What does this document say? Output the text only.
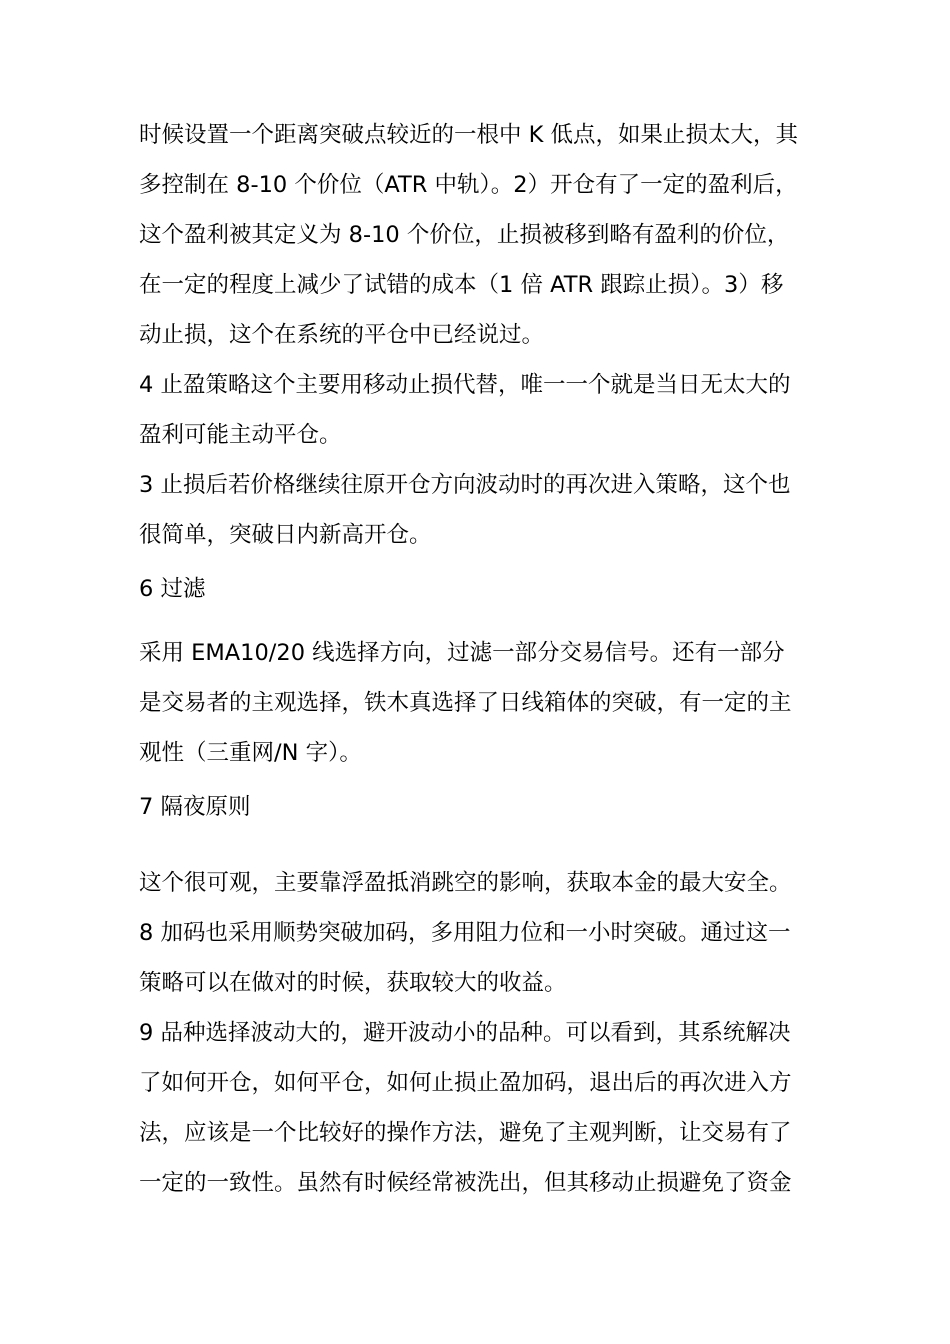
时候设置一个距离突破点较近的一根中 K 低点，如果止损太大，其
多控制在 8-10 个价位（ATR 中轨）。2）开仓有了一定的盈利后，
这个盈利被其定义为 8-10 个价位，止损被移到略有盈利的价位，
在一定的程度上减少了试错的成本（1 倍 ATR 跟踪止损）。3）移
动止损，这个在系统的平仓中已经说过。
4 止盈策略这个主要用移动止损代替，唯一一个就是当日无太大的
盈利可能主动平仓。
3 止损后若价格继续往原开仓方向波动时的再次进入策略，这个也
很简单，突破日内新高开仓。
6 过滤
采用 EMA10/20 线选择方向，过滤一部分交易信号。还有一部分
是交易者的主观选择，铁木真选择了日线箱体的突破，有一定的主
观性（三重网/N 字）。
7 隔夜原则
这个很可观，主要靠浮盈抵消跳空的影响，获取本金的最大安全。
8 加码也采用顺势突破加码，多用阻力位和一小时突破。通过这一
策略可以在做对的时候，获取较大的收益。
9 品种选择波动大的，避开波动小的品种。可以看到，其系统解决
了如何开仓，如何平仓，如何止损止盈加码，退出后的再次进入方
法，应该是一个比较好的操作方法，避免了主观判断，让交易有了
一定的一致性。虽然有时候经常被洗出，但其移动止损避免了资金
